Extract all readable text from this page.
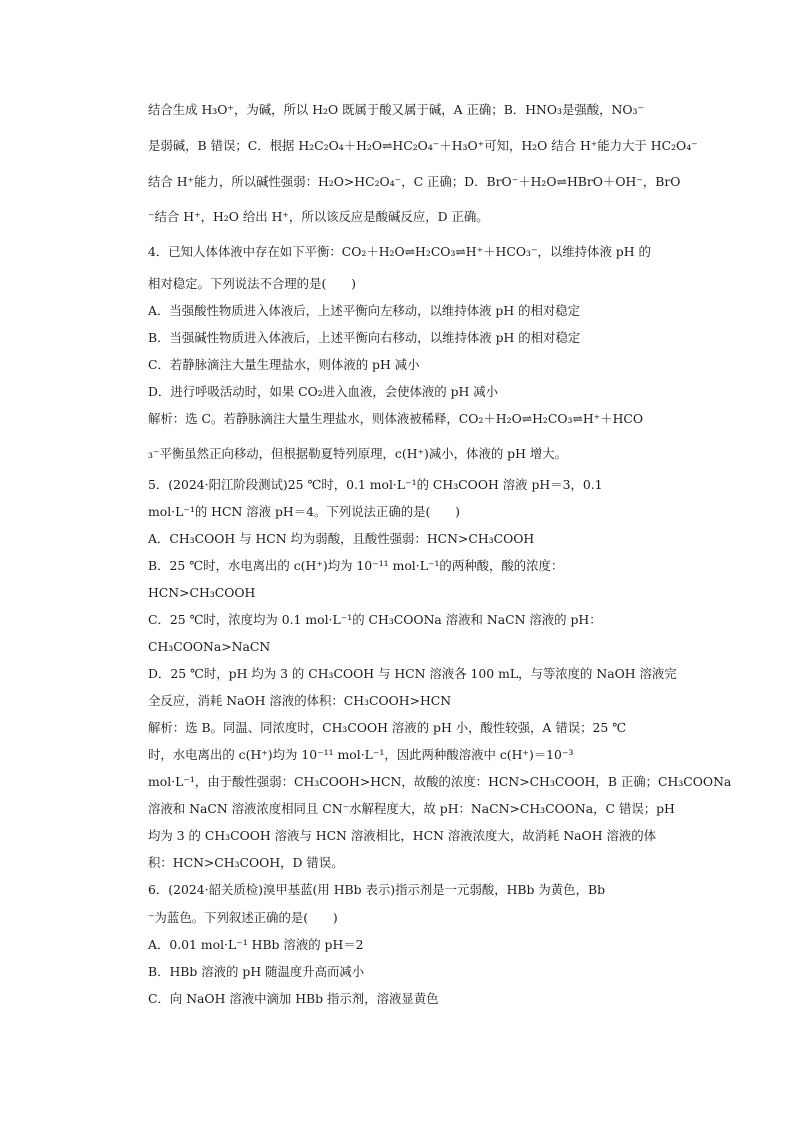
结合生成 H₃O⁺，为碱，所以 H₂O 既属于酸又属于碱，A 正确；B．HNO₃是强酸，NO₃⁻
是弱碱，B 错误；C．根据 H₂C₂O₄＋H₂O⇌HC₂O₄⁻＋H₃O⁺可知，H₂O 结合 H⁺能力大于 HC₂O₄⁻
结合 H⁺能力，所以碱性强弱：H₂O>HC₂O₄⁻，C 正确；D．BrO⁻＋H₂O⇌HBrO＋OH⁻，BrO
⁻结合 H⁺，H₂O 给出 H⁺，所以该反应是酸碱反应，D 正确。
4．已知人体体液中存在如下平衡：CO₂＋H₂O⇌H₂CO₃⇌H⁺＋HCO₃⁻，以维持体液 pH 的
相对稳定。下列说法不合理的是(　　)
A．当强酸性物质进入体液后，上述平衡向左移动，以维持体液 pH 的相对稳定
B．当强碱性物质进入体液后，上述平衡向右移动，以维持体液 pH 的相对稳定
C．若静脉滴注大量生理盐水，则体液的 pH 减小
D．进行呼吸活动时，如果 CO₂进入血液，会使体液的 pH 减小
解析：选 C。若静脉滴注大量生理盐水，则体液被稀释，CO₂＋H₂O⇌H₂CO₃⇌H⁺＋HCO
₃⁻平衡虽然正向移动，但根据勒夏特列原理，c(H⁺)减小，体液的 pH 增大。
5．(2024·阳江阶段测试)25 ℃时，0.1 mol·L⁻¹的 CH₃COOH 溶液 pH＝3，0.1
mol·L⁻¹的 HCN 溶液 pH＝4。下列说法正确的是(　　)
A．CH₃COOH 与 HCN 均为弱酸，且酸性强弱：HCN>CH₃COOH
B．25 ℃时，水电离出的 c(H⁺)均为 10⁻¹¹ mol·L⁻¹的两种酸，酸的浓度：
HCN>CH₃COOH
C．25 ℃时，浓度均为 0.1 mol·L⁻¹的 CH₃COONa 溶液和 NaCN 溶液的 pH：
CH₃COONa>NaCN
D．25 ℃时，pH 均为 3 的 CH₃COOH 与 HCN 溶液各 100 mL，与等浓度的 NaOH 溶液完
全反应，消耗 NaOH 溶液的体积：CH₃COOH>HCN
解析：选 B。同温、同浓度时，CH₃COOH 溶液的 pH 小，酸性较强，A 错误；25 ℃
时，水电离出的 c(H⁺)均为 10⁻¹¹ mol·L⁻¹，因此两种酸溶液中 c(H⁺)＝10⁻³
mol·L⁻¹，由于酸性强弱：CH₃COOH>HCN，故酸的浓度：HCN>CH₃COOH，B 正确；CH₃COONa
溶液和 NaCN 溶液浓度相同且 CN⁻水解程度大，故 pH：NaCN>CH₃COONa，C 错误；pH
均为 3 的 CH₃COOH 溶液与 HCN 溶液相比，HCN 溶液浓度大，故消耗 NaOH 溶液的体
积：HCN>CH₃COOH，D 错误。
6．(2024·韶关质检)溴甲基蓝(用 HBb 表示)指示剂是一元弱酸，HBb 为黄色，Bb
⁻为蓝色。下列叙述正确的是(　　)
A．0.01 mol·L⁻¹ HBb 溶液的 pH＝2
B．HBb 溶液的 pH 随温度升高而减小
C．向 NaOH 溶液中滴加 HBb 指示剂，溶液显黄色
